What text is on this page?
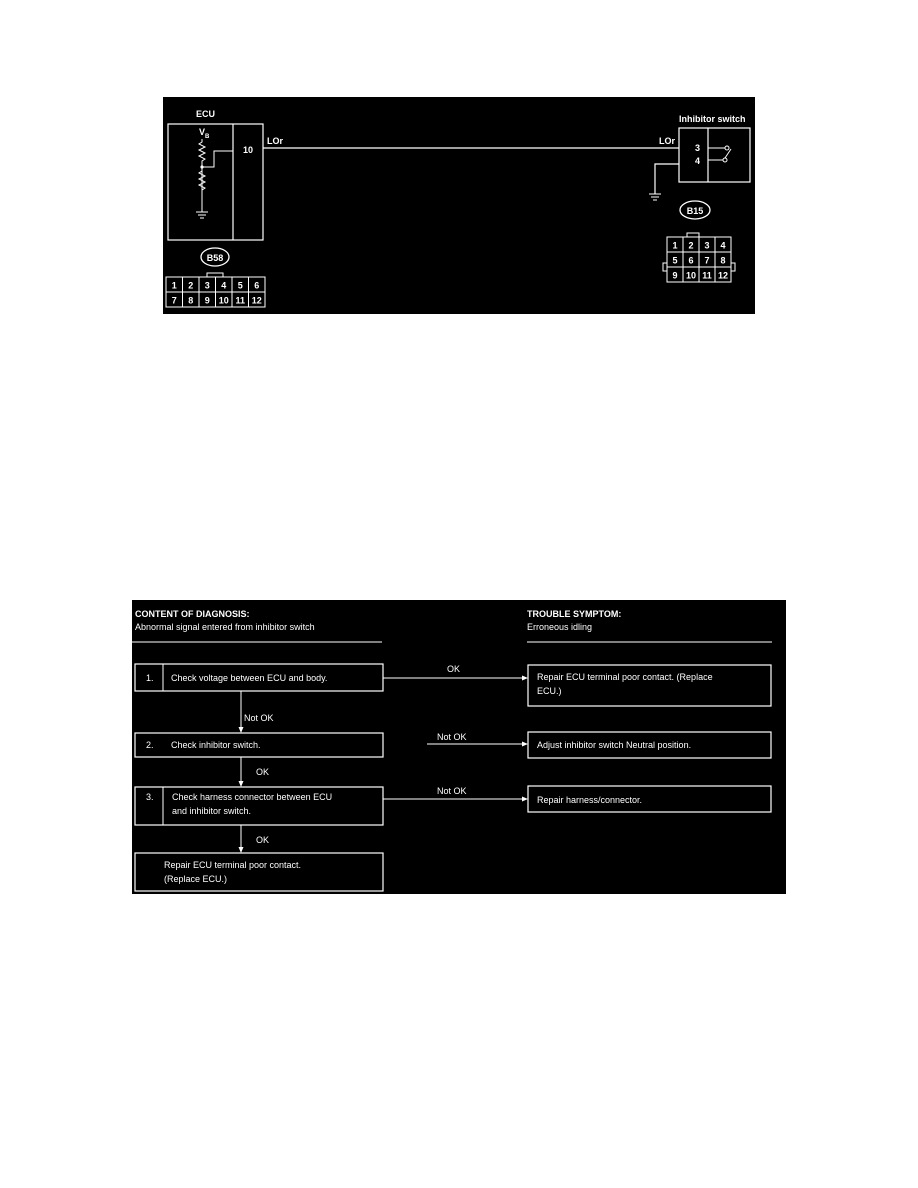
ECU
$V_B$
10
LOr	LOr
Inhibitor switch
3
4
B15
1 2 3 4
5 6 7 8
9 10 11 12
B58
1 2 3 4 5 6
7 8 9 10 11 12
CONTENT OF DIAGNOSIS:
Abnormal signal entered from inhibitor switch
TROUBLE SYMPTOM:
Erroneous idling
1. Check voltage between ECU and body.
2. Check inhibitor switch.
3. Check harness connector between ECU
and inhibitor switch.
Repair ECU terminal poor contact.
(Replace ECU.)
Repair ECU terminal poor contact. (Replace
ECU.)
Adjust inhibitor switch Neutral position.
Repair harness/connector.
OK
Not OK
Not OK
Not OK
OK
OK
